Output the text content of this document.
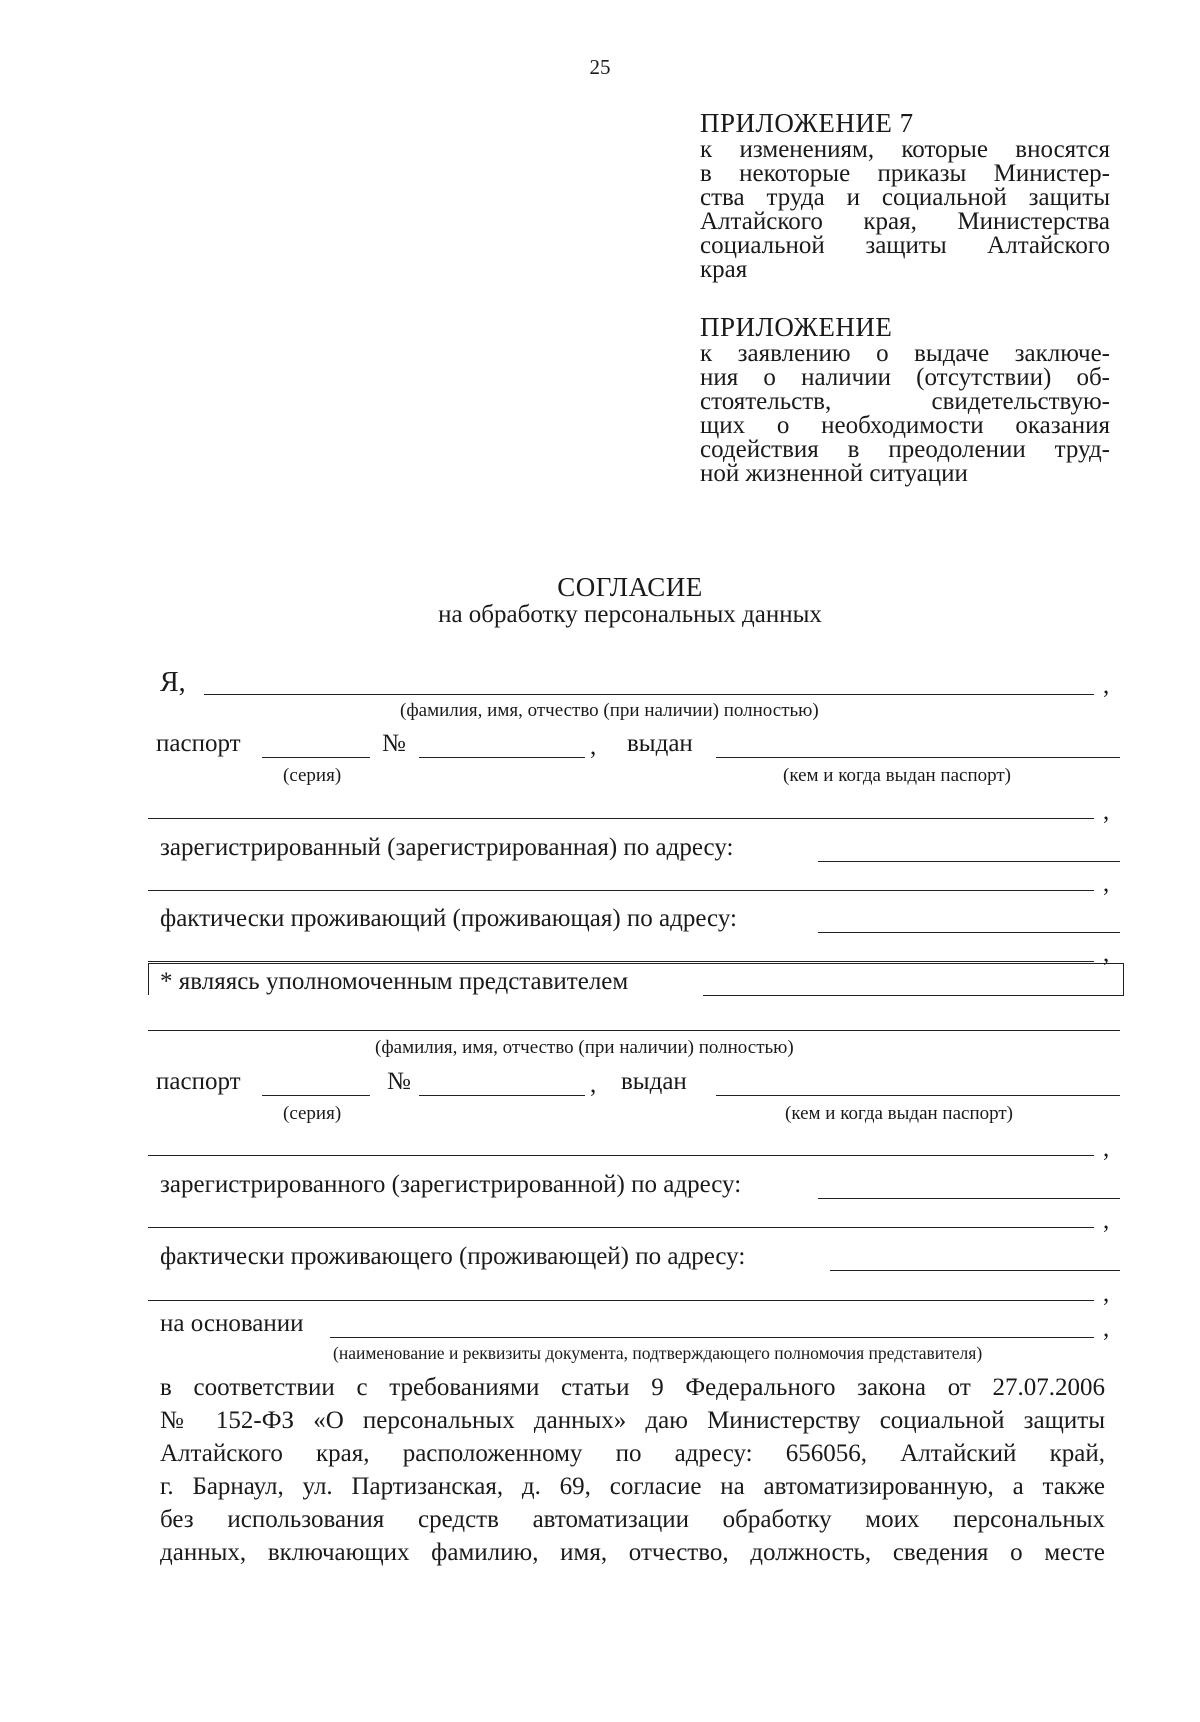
25
ПРИЛОЖЕНИЕ 7
к изменениям, которые вносятся
в некоторые приказы Министер-
ства труда и социальной защиты
Алтайского края, Министерства
социальной защиты Алтайского
края
ПРИЛОЖЕНИЕ
к заявлению о выдаче заключе-
ния о наличии (отсутствии) об-
стоятельств, свидетельствую-
щих о необходимости оказания
содействия в преодолении труд-
ной жизненной ситуации
СОГЛАСИЕ
на обработку персональных данных
Я,	,
(фамилия, имя, отчество (при наличии) полностью)
паспорт	№	, выдан
(серия)	(кем и когда выдан паспорт)
,
зарегистрированный (зарегистрированная) по адресу:
,
фактически проживающий (проживающая) по адресу:
,
* являясь уполномоченным представителем
(фамилия, имя, отчество (при наличии) полностью)
паспорт	№	, выдан
(серия)	(кем и когда выдан паспорт)
,
зарегистрированного (зарегистрированной) по адресу:
,
фактически проживающего (проживающей) по адресу:
,
на основании	,
(наименование и реквизиты документа, подтверждающего полномочия представителя)
в соответствии с требованиями статьи 9 Федерального закона от 27.07.2006
№ 152-ФЗ «О персональных данных» даю Министерству социальной защиты
Алтайского края, расположенному по адресу: 656056, Алтайский край,
г. Барнаул, ул. Партизанская, д. 69, согласие на автоматизированную, а также
без использования средств автоматизации обработку моих персональных
данных, включающих фамилию, имя, отчество, должность, сведения о месте
